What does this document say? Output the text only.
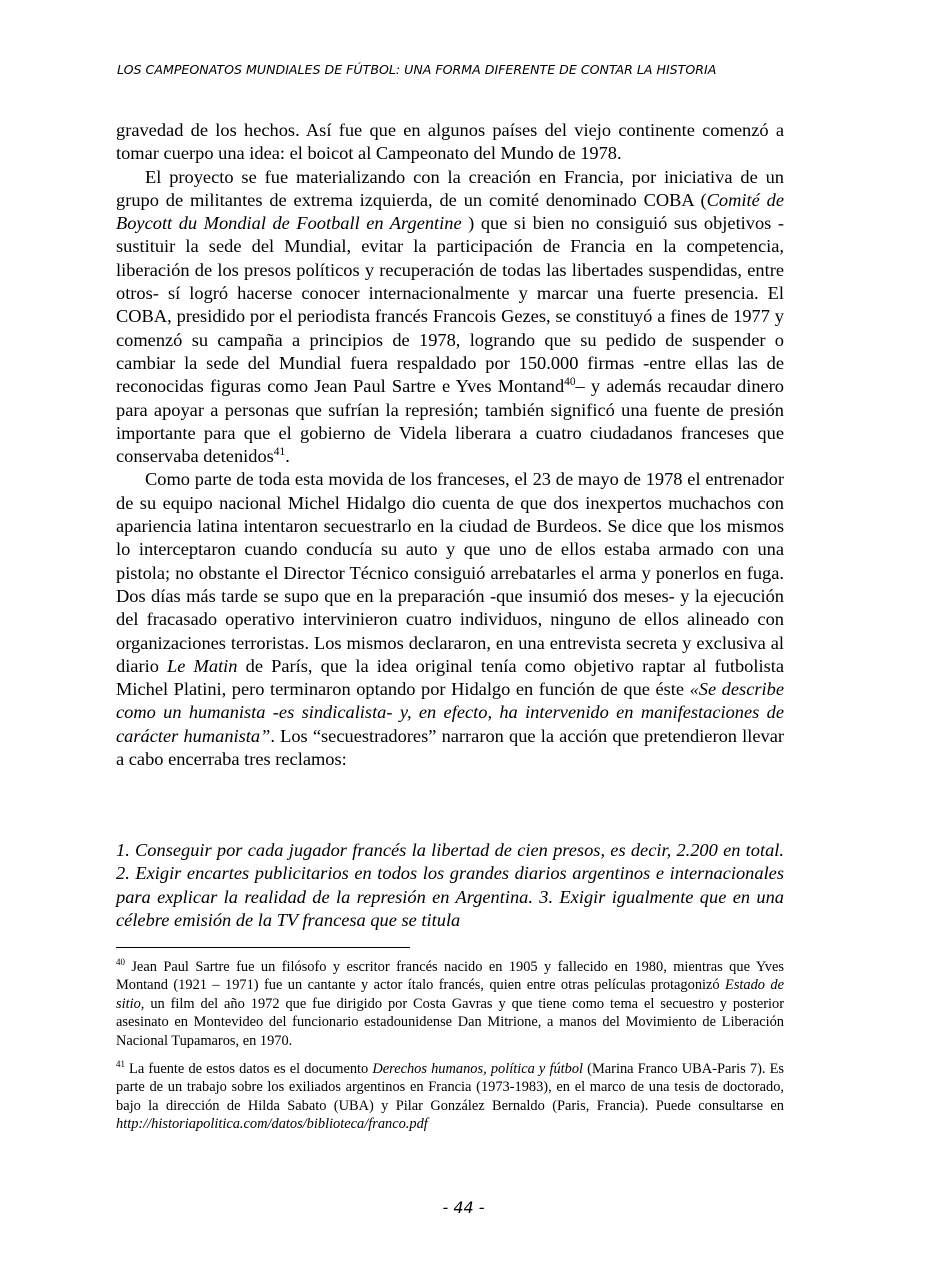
LOS CAMPEONATOS MUNDIALES DE FÚTBOL: UNA FORMA DIFERENTE DE CONTAR LA HISTORIA

gravedad de los hechos. Así fue que en algunos países del viejo continente comenzó a tomar cuerpo una idea: el boicot al Campeonato del Mundo de 1978.

El proyecto se fue materializando con la creación en Francia, por iniciativa de un grupo de militantes de extrema izquierda, de un comité denominado COBA (Comité de Boycott du Mondial de Football en Argentine ) que si bien no consiguió sus objetivos -sustituir la sede del Mundial, evitar la participación de Francia en la competencia, liberación de los presos políticos y recuperación de todas las libertades suspendidas, entre otros- sí logró hacerse conocer internacionalmente y marcar una fuerte presencia. El COBA, presidido por el periodista francés Francois Gezes, se constituyó a fines de 1977 y comenzó su campaña a principios de 1978, logrando que su pedido de suspender o cambiar la sede del Mundial fuera respaldado por 150.000 firmas -entre ellas las de reconocidas figuras como Jean Paul Sartre e Yves Montand$^{40}$– y además recaudar dinero para apoyar a personas que sufrían la represión; también significó una fuente de presión importante para que el gobierno de Videla liberara a cuatro ciudadanos franceses que conservaba detenidos$^{41}$.

Como parte de toda esta movida de los franceses, el 23 de mayo de 1978 el entrenador de su equipo nacional Michel Hidalgo dio cuenta de que dos inexpertos muchachos con apariencia latina intentaron secuestrarlo en la ciudad de Burdeos. Se dice que los mismos lo interceptaron cuando conducía su auto y que uno de ellos estaba armado con una pistola; no obstante el Director Técnico consiguió arrebatarles el arma y ponerlos en fuga. Dos días más tarde se supo que en la preparación -que insumió dos meses- y la ejecución del fracasado operativo intervinieron cuatro individuos, ninguno de ellos alineado con organizaciones terroristas. Los mismos declararon, en una entrevista secreta y exclusiva al diario Le Matin de París, que la idea original tenía como objetivo raptar al futbolista Michel Platini, pero terminaron optando por Hidalgo en función de que éste «Se describe como un humanista -es sindicalista- y, en efecto, ha intervenido en manifestaciones de carácter humanista”. Los “secuestradores” narraron que la acción que pretendieron llevar a cabo encerraba tres reclamos:

1. Conseguir por cada jugador francés la libertad de cien presos, es decir, 2.200 en total. 2. Exigir encartes publicitarios en todos los grandes diarios argentinos e internacionales para explicar la realidad de la represión en Argentina. 3. Exigir igualmente que en una célebre emisión de la TV francesa que se titula

$^{40}$ Jean Paul Sartre fue un filósofo y escritor francés nacido en 1905 y fallecido en 1980, mientras que Yves Montand (1921 – 1971) fue un cantante y actor ítalo francés, quien entre otras películas protagonizó Estado de sitio, un film del año 1972 que fue dirigido por Costa Gavras y que tiene como tema el secuestro y posterior asesinato en Montevideo del funcionario estadounidense Dan Mitrione, a manos del Movimiento de Liberación Nacional Tupamaros, en 1970.

$^{41}$ La fuente de estos datos es el documento Derechos humanos, política y fútbol (Marina Franco UBA-Paris 7). Es parte de un trabajo sobre los exiliados argentinos en Francia (1973-1983), en el marco de una tesis de doctorado, bajo la dirección de Hilda Sabato (UBA) y Pilar González Bernaldo (Paris, Francia). Puede consultarse en http://historiapolitica.com/datos/biblioteca/franco.pdf

- 44 -
